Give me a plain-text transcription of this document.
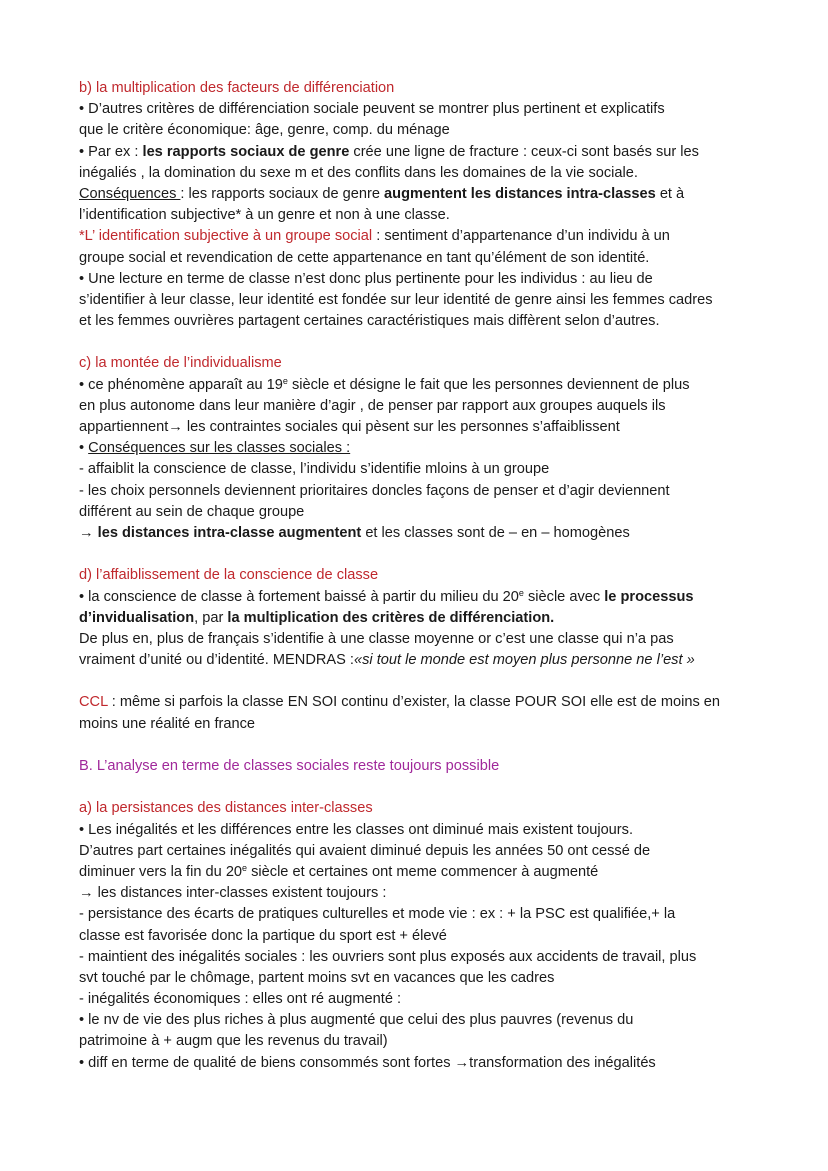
b) la multiplication des facteurs de différenciation
• D’autres critères de différenciation sociale peuvent se montrer plus pertinent et explicatifs
que le critère économique: âge, genre, comp. du ménage
• Par ex : les rapports sociaux de genre crée une ligne de fracture : ceux-ci sont basés sur les
inégaliés , la domination du sexe m et des conflits dans les domaines de la vie sociale.
Conséquences : les rapports sociaux de genre augmentent les distances intra-classes et à
l’identification subjective* à un genre et non à une classe.
*L’ identification subjective à un groupe social : sentiment d’appartenance d’un individu à un
groupe social et revendication de cette appartenance en tant qu’élément de son identité.
• Une lecture en terme de classe n’est donc plus pertinente pour les individus : au lieu de
s’identifier à leur classe, leur identité est fondée sur leur identité de genre ainsi les femmes cadres
et les femmes ouvrières partagent certaines caractéristiques mais diffèrent selon d’autres.
c) la montée de l’individualisme
• ce phénomène apparaît au 19e siècle et désigne le fait que les personnes deviennent de plus
en plus autonome dans leur manière d’agir , de penser par rapport aux groupes auquels ils
appartiennent→ les contraintes sociales qui pèsent sur les personnes s’affaiblissent
• Conséquences sur les classes sociales :
- affaiblit la conscience de classe, l’individu s’identifie mloins à un groupe
- les choix personnels deviennent prioritaires doncles façons de penser et d’agir deviennent
différent au sein de chaque groupe
→ les distances intra-classe augmentent et les classes sont de – en – homogènes
d) l’affaiblissement de la conscience de classe
• la conscience de classe à fortement baissé à partir du milieu du 20e siècle avec le processus
d’invidualisation, par la multiplication des critères de différenciation.
De plus en, plus de français s’identifie à une classe moyenne or c’est une classe qui n’a pas
vraiment d’unité ou d’identité. MENDRAS :«si tout le monde est moyen plus personne ne l’est »
CCL : même si parfois la classe EN SOI continu d’exister, la classe POUR SOI elle est de moins en
moins une réalité en france
B. L’analyse en terme de classes sociales reste toujours possible
a) la persistances des distances inter-classes
• Les inégalités et les différences entre les classes ont diminué mais existent toujours.
D’autres part certaines inégalités qui avaient diminué depuis les années 50 ont cessé de
diminuer vers la fin du 20e siècle et certaines ont meme commencer à augmenté
→ les distances inter-classes existent toujours :
- persistance des écarts de pratiques culturelles et mode vie : ex : + la PSC est qualifiée,+ la
classe est favorisée donc la partique du sport est + élevé
- maintient des inégalités sociales : les ouvriers sont plus exposés aux accidents de travail, plus
svt touché par le chômage, partent moins svt en vacances que les cadres
- inégalités économiques : elles ont ré augmenté :
• le nv de vie des plus riches à plus augmenté que celui des plus pauvres (revenus du
patrimoine à + augm que les revenus du travail)
• diff en terme de qualité de biens consommés sont fortes →transformation des inégalités
